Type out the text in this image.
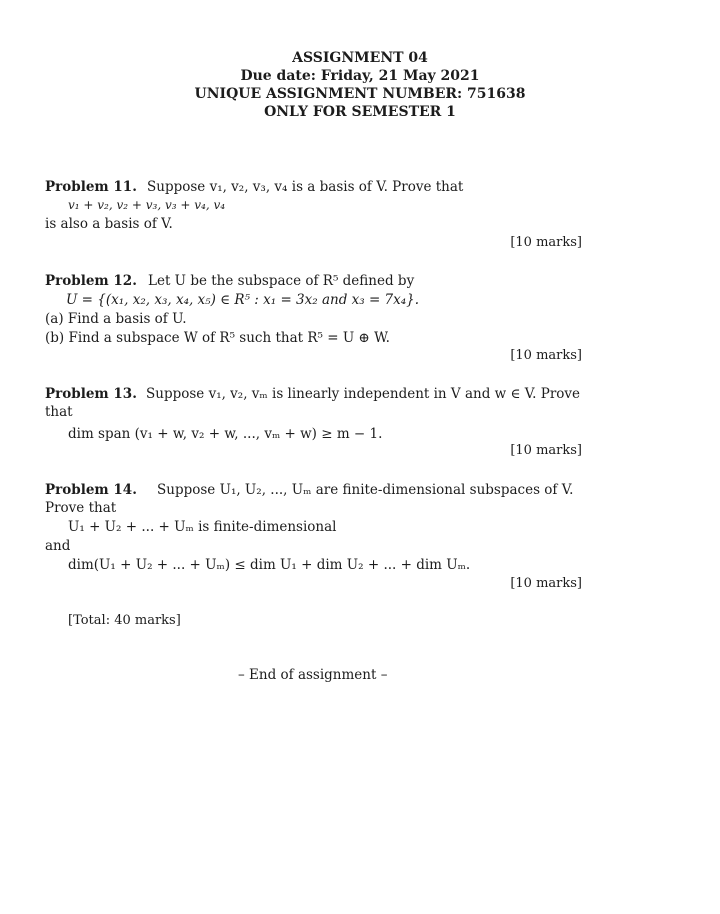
ASSIGNMENT 04
Due date: Friday, 21 May 2021
UNIQUE ASSIGNMENT NUMBER: 751638
ONLY FOR SEMESTER 1
Problem 11. Suppose v₁, v₂, v₃, v₄ is a basis of V. Prove that
v₁ + v₂, v₂ + v₃, v₃ + v₄, v₄
is also a basis of V.
[10 marks]
Problem 12. Let U be the subspace of R⁵ defined by
U = {(x₁, x₂, x₃, x₄, x₅) ∈ R⁵ : x₁ = 3x₂ and x₃ = 7x₄}.
(a) Find a basis of U.
(b) Find a subspace W of R⁵ such that R⁵ = U ⊕ W.
[10 marks]
Problem 13. Suppose v₁, v₂, vₘ is linearly independent in V and w ∈ V. Prove
that
dim span (v₁ + w, v₂ + w, ..., vₘ + w) ≥ m − 1.
[10 marks]
Problem 14. Suppose U₁, U₂, ..., Uₘ are finite-dimensional subspaces of V.
Prove that
U₁ + U₂ + ... + Uₘ is finite-dimensional
and
dim(U₁ + U₂ + ... + Uₘ) ≤ dim U₁ + dim U₂ + ... + dim Uₘ.
[10 marks]
[Total: 40 marks]
– End of assignment –
